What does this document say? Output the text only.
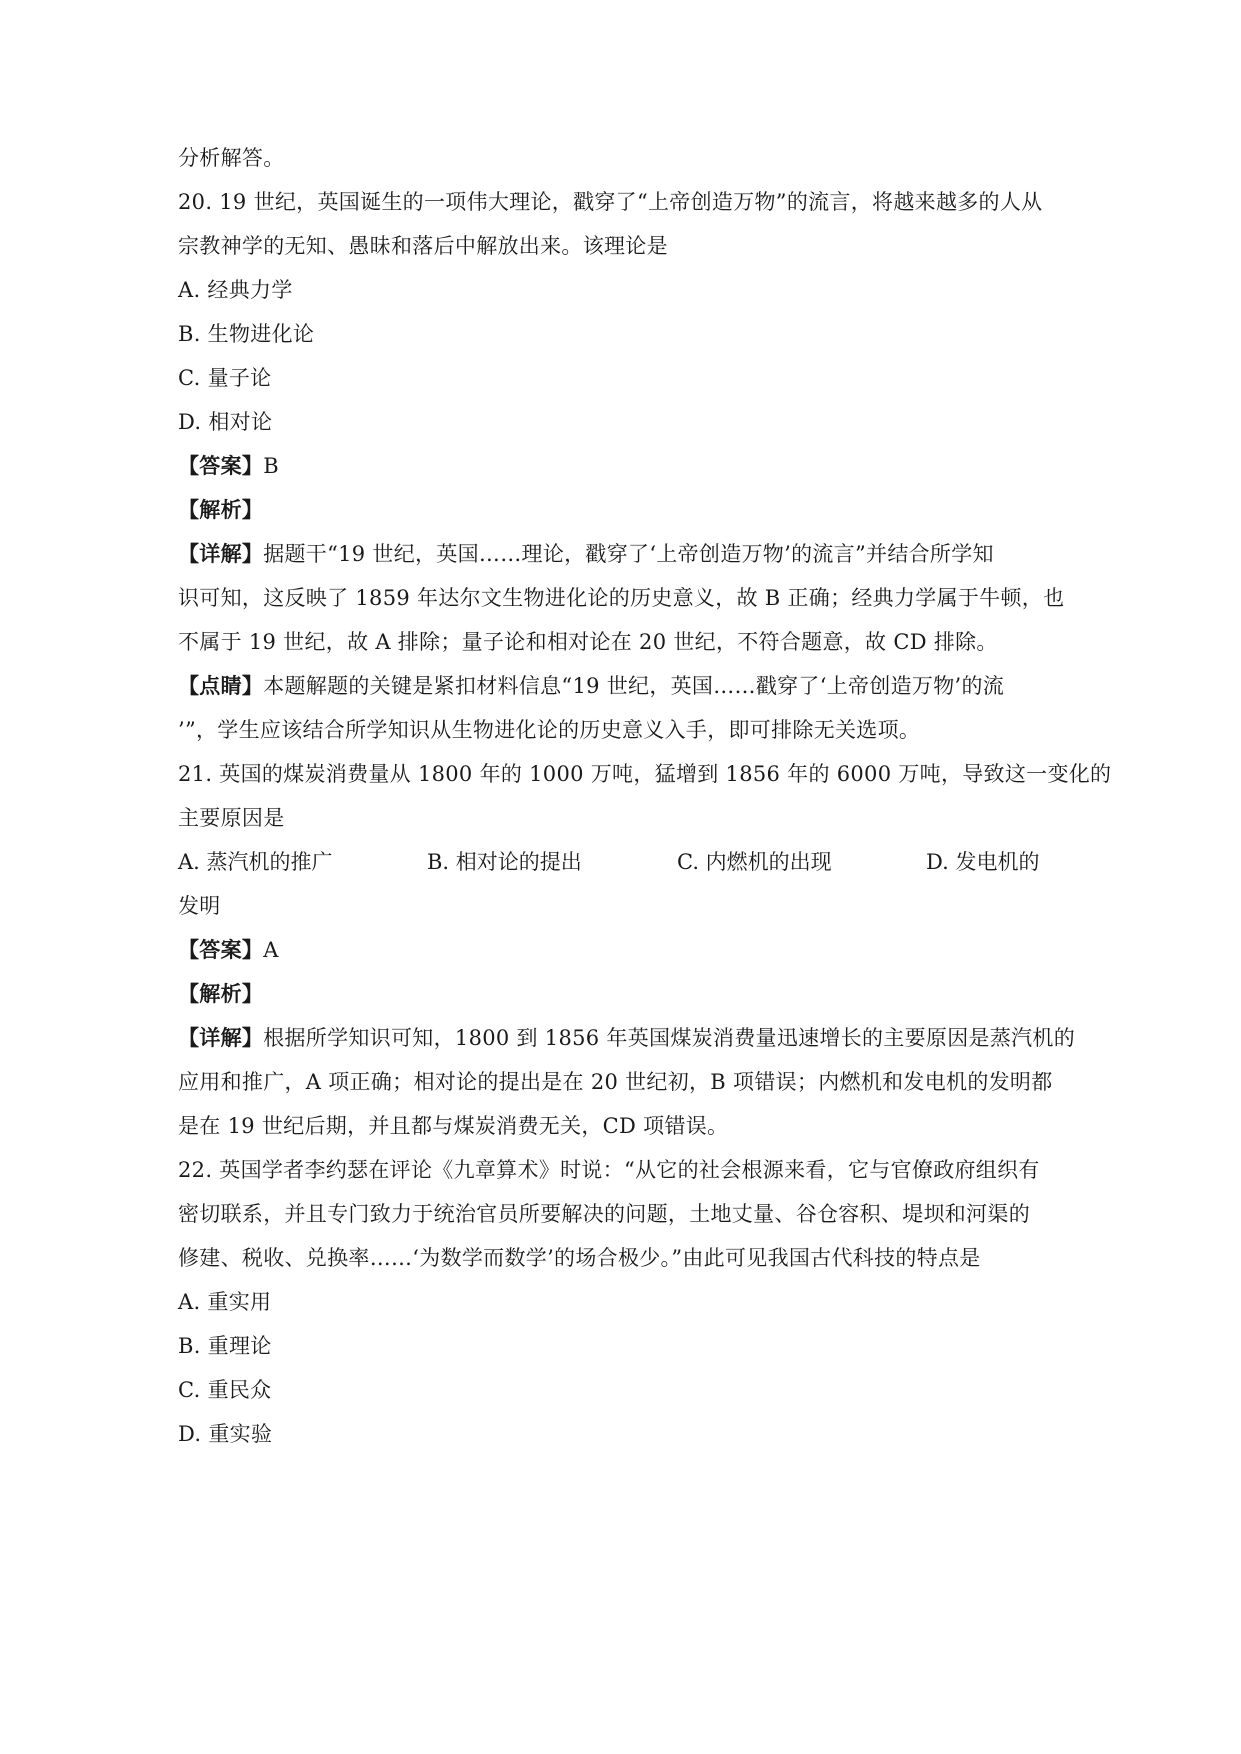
分析解答。
20. 19 世纪，英国诞生的一项伟大理论，戳穿了“上帝创造万物”的流言，将越来越多的人从
宗教神学的无知、愚昧和落后中解放出来。该理论是
A. 经典力学
B. 生物进化论
C. 量子论
D. 相对论
【答案】B
【解析】
【详解】据题干“19 世纪，英国……理论，戳穿了‘上帝创造万物’的流言”并结合所学知
识可知，这反映了 1859 年达尔文生物进化论的历史意义，故 B 正确；经典力学属于牛顿，也
不属于 19 世纪，故 A 排除；量子论和相对论在 20 世纪，不符合题意，故 CD 排除。
【点睛】本题解题的关键是紧扣材料信息“19 世纪，英国……戳穿了‘上帝创造万物’的流
’”，学生应该结合所学知识从生物进化论的历史意义入手，即可排除无关选项。
21. 英国的煤炭消费量从 1800 年的 1000 万吨，猛增到 1856 年的 6000 万吨，导致这一变化的
主要原因是
A. 蒸汽机的推广	B. 相对论的提出	C. 内燃机的出现	D. 发电机的
发明
【答案】A
【解析】
【详解】根据所学知识可知，1800 到 1856 年英国煤炭消费量迅速增长的主要原因是蒸汽机的
应用和推广，A 项正确；相对论的提出是在 20 世纪初，B 项错误；内燃机和发电机的发明都
是在 19 世纪后期，并且都与煤炭消费无关，CD 项错误。
22. 英国学者李约瑟在评论《九章算术》时说：“从它的社会根源来看，它与官僚政府组织有
密切联系，并且专门致力于统治官员所要解决的问题，土地丈量、谷仓容积、堤坝和河渠的
修建、税收、兑换率……‘为数学而数学’的场合极少。”由此可见我国古代科技的特点是
A. 重实用
B. 重理论
C. 重民众
D. 重实验
